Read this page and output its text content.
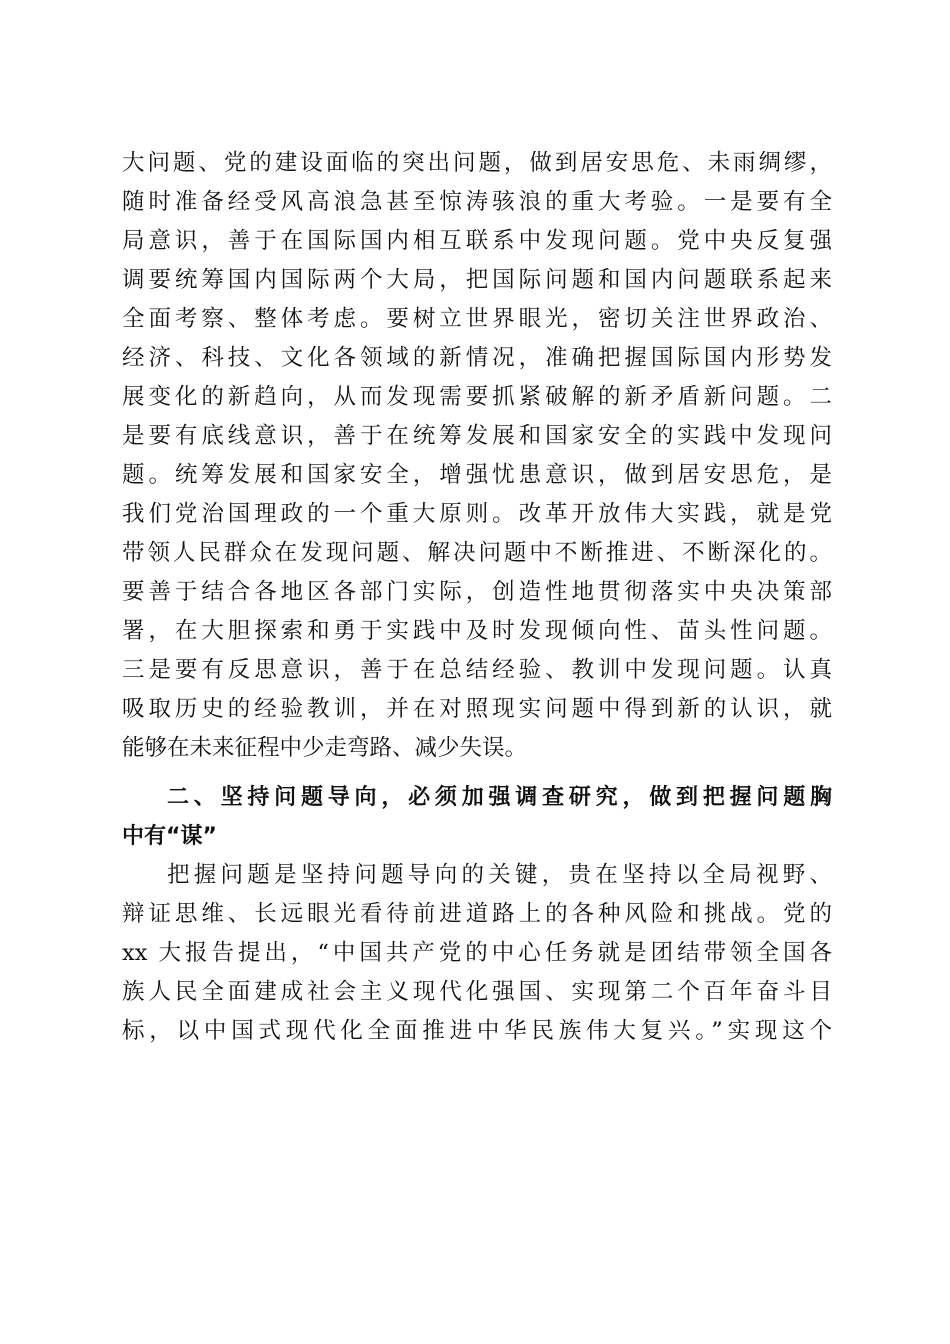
大问题、党的建设面临的突出问题，做到居安思危、未雨绸缪，
随时准备经受风高浪急甚至惊涛骇浪的重大考验。一是要有全
局意识，善于在国际国内相互联系中发现问题。党中央反复强
调要统筹国内国际两个大局，把国际问题和国内问题联系起来
全面考察、整体考虑。要树立世界眼光，密切关注世界政治、
经济、科技、文化各领域的新情况，准确把握国际国内形势发
展变化的新趋向，从而发现需要抓紧破解的新矛盾新问题。二
是要有底线意识，善于在统筹发展和国家安全的实践中发现问
题。统筹发展和国家安全，增强忧患意识，做到居安思危，是
我们党治国理政的一个重大原则。改革开放伟大实践，就是党
带领人民群众在发现问题、解决问题中不断推进、不断深化的。
要善于结合各地区各部门实际，创造性地贯彻落实中央决策部
署，在大胆探索和勇于实践中及时发现倾向性、苗头性问题。
三是要有反思意识，善于在总结经验、教训中发现问题。认真
吸取历史的经验教训，并在对照现实问题中得到新的认识，就
能够在未来征程中少走弯路、减少失误。
二、坚持问题导向，必须加强调查研究，做到把握问题胸
中有“谋”
把握问题是坚持问题导向的关键，贵在坚持以全局视野、
辩证思维、长远眼光看待前进道路上的各种风险和挑战。党的
xx 大报告提出，“中国共产党的中心任务就是团结带领全国各
族人民全面建成社会主义现代化强国、实现第二个百年奋斗目
标，以中国式现代化全面推进中华民族伟大复兴。”实现这个
